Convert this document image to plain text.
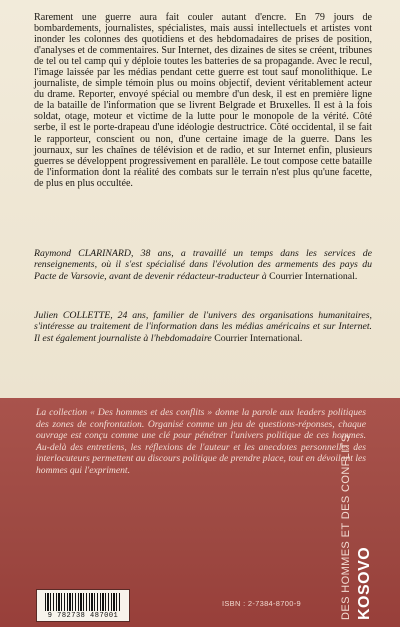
Rarement une guerre aura fait couler autant d'encre. En 79 jours de bombardements, journalistes, spécialistes, mais aussi intellectuels et artistes vont inonder les colonnes des quotidiens et des hebdomadaires de prises de position, d'analyses et de commentaires. Sur Internet, des dizaines de sites se créent, tribunes de tel ou tel camp qui y déploie toutes les batteries de sa propagande. Avec le recul, l'image laissée par les médias pendant cette guerre est tout sauf monolithique. Le journaliste, de simple témoin plus ou moins objectif, devient véritablement acteur du drame. Reporter, envoyé spécial ou membre d'un desk, il est en première ligne de la bataille de l'information que se livrent Belgrade et Bruxelles. Il est à la fois soldat, otage, moteur et victime de la lutte pour le monopole de la vérité. Côté serbe, il est le porte-drapeau d'une idéologie destructrice. Côté occidental, il se fait le rapporteur, conscient ou non, d'une certaine image de la guerre. Dans les journaux, sur les chaînes de télévision et de radio, et sur Internet enfin, plusieurs guerres se développent progressivement en parallèle. Le tout compose cette bataille de l'information dont la réalité des combats sur le terrain n'est plus qu'une facette, de plus en plus occultée.

Raymond CLARINARD, 38 ans, a travaillé un temps dans les services de renseignements, où il s'est spécialisé dans l'évolution des armements des pays du Pacte de Varsovie, avant de devenir rédacteur-traducteur à Courrier International.

Julien COLLETTE, 24 ans, familier de l'univers des organisations humanitaires, s'intéresse au traitement de l'information dans les médias américains et sur Internet. Il est également journaliste à l'hebdomadaire Courrier International.

La collection « Des hommes et des conflits » donne la parole aux leaders politiques des zones de confrontation. Organisé comme un jeu de questions-réponses, chaque ouvrage est conçu comme une clé pour pénétrer l'univers politique de ces hommes. Au-delà des entretiens, les réflexions de l'auteur et les anecdotes personnelles des interlocuteurs permettent au discours politique de prendre place, tout en dévoilant les hommes qui l'expriment.

9 782738 487001
ISBN : 2-7384-8700-9	DES HOMMES ET DES CONFLITS KOSOVO
